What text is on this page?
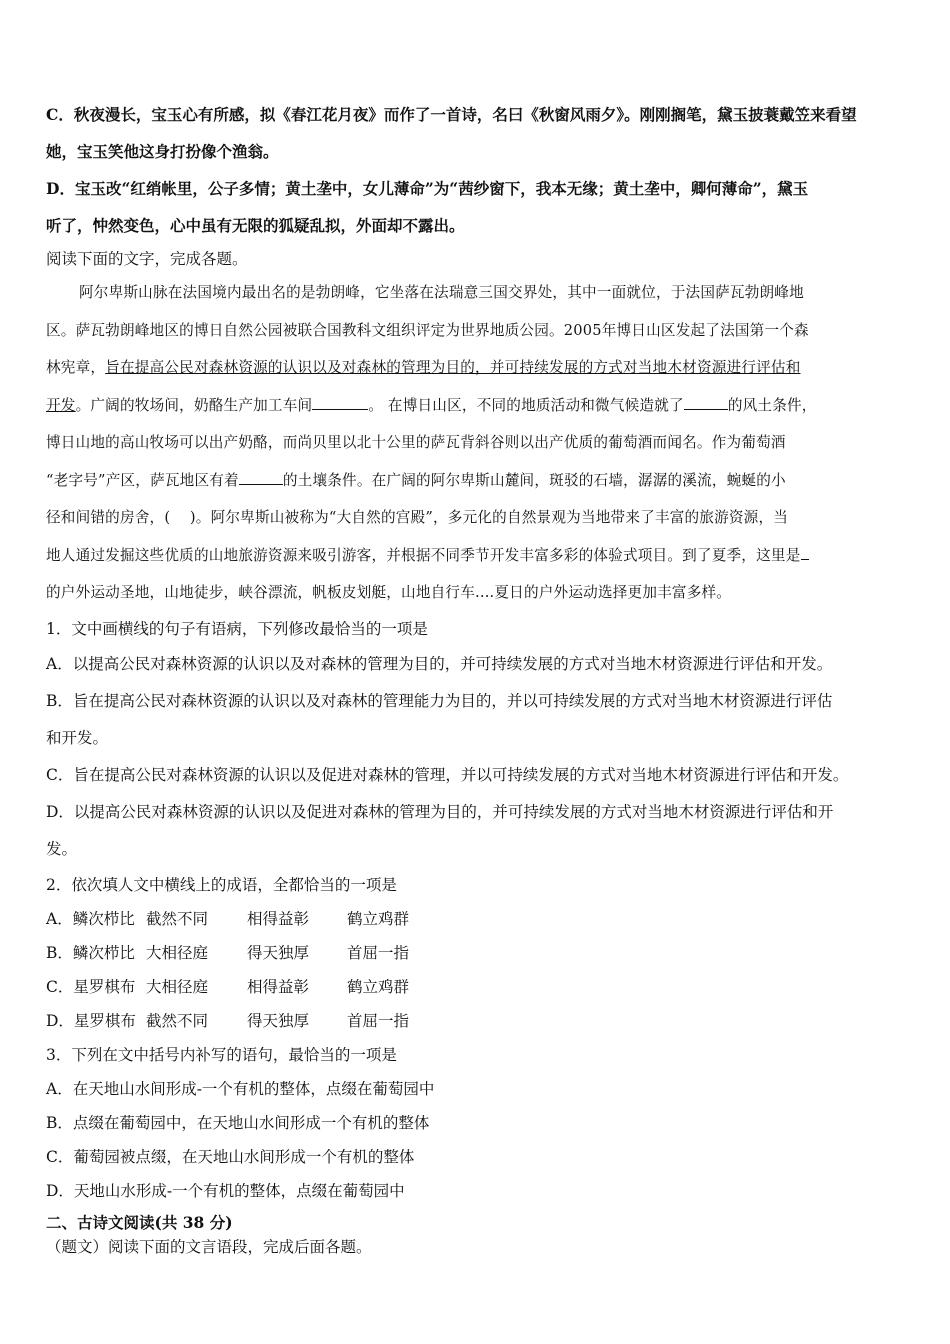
C．秋夜漫长，宝玉心有所感，拟《春江花月夜》而作了一首诗，名曰《秋窗风雨夕》。刚刚搁笔，黛玉披蓑戴笠来看望
她，宝玉笑他这身打扮像个渔翁。
D．宝玉改“红绡帐里，公子多情；黄土垄中，女儿薄命”为“茜纱窗下，我本无缘；黄土垄中，卿何薄命”，黛玉
听了，忡然变色，心中虽有无限的狐疑乱拟，外面却不露出。
阅读下面的文字，完成各题。
阿尔卑斯山脉在法国境内最出名的是勃朗峰，它坐落在法瑞意三国交界处，其中一面就位，于法国萨瓦勃朗峰地
区。萨瓦勃朗峰地区的博日自然公园被联合国教科文组织评定为世界地质公园。2005年博日山区发起了法国第一个森
林宪章，旨在提高公民对森林资源的认识以及对森林的管理为目的，并可持续发展的方式对当地木材资源进行评估和
开发。广阔的牧场间，奶酪生产加工车间	。 在博日山区，不同的地质活动和微气候造就了	的风土条件，
博日山地的高山牧场可以出产奶酪，而尚贝里以北十公里的萨瓦背斜谷则以出产优质的葡萄酒而闻名。作为葡萄酒
“老字号”产区，萨瓦地区有着	的土壤条件。在广阔的阿尔卑斯山麓间，斑驳的石墙，潺潺的溪流，蜿蜒的小
径和间错的房舍，(　 )。阿尔卑斯山被称为“大自然的宫殿”，多元化的自然景观为当地带来了丰富的旅游资源，当
地人通过发掘这些优质的山地旅游资源来吸引游客，并根据不同季节开发丰富多彩的体验式项目。到了夏季，这里是
的户外运动圣地，山地徒步，峡谷漂流，帆板皮划艇，山地自行车....夏日的户外运动选择更加丰富多样。
1．文中画横线的句子有语病，下列修改最恰当的一项是
A．以提高公民对森林资源的认识以及对森林的管理为目的，并可持续发展的方式对当地木材资源进行评估和开发。
B．旨在提高公民对森林资源的认识以及对森林的管理能力为目的，并以可持续发展的方式对当地木材资源进行评估
和开发。
C．旨在提高公民对森林资源的认识以及促进对森林的管理，并以可持续发展的方式对当地木材资源进行评估和开发。
D．以提高公民对森林资源的认识以及促进对森林的管理为目的，并可持续发展的方式对当地木材资源进行评估和开
发。
2．依次填人文中横线上的成语，全都恰当的一项是
A．鳞次栉比 截然不同	相得益彰 鹤立鸡群
B．鳞次栉比 大相径庭	得天独厚 首屈一指
C．星罗棋布 大相径庭	相得益彰 鹤立鸡群
D．星罗棋布 截然不同	得天独厚 首屈一指
3．下列在文中括号内补写的语句，最恰当的一项是
A．在天地山水间形成-一个有机的整体，点缀在葡萄园中
B．点缀在葡萄园中，在天地山水间形成一个有机的整体
C．葡萄园被点缀，在天地山水间形成一个有机的整体
D．天地山水形成-一个有机的整体，点缀在葡萄园中
二、古诗文阅读(共 38 分)
（题文）阅读下面的文言语段，完成后面各题。
